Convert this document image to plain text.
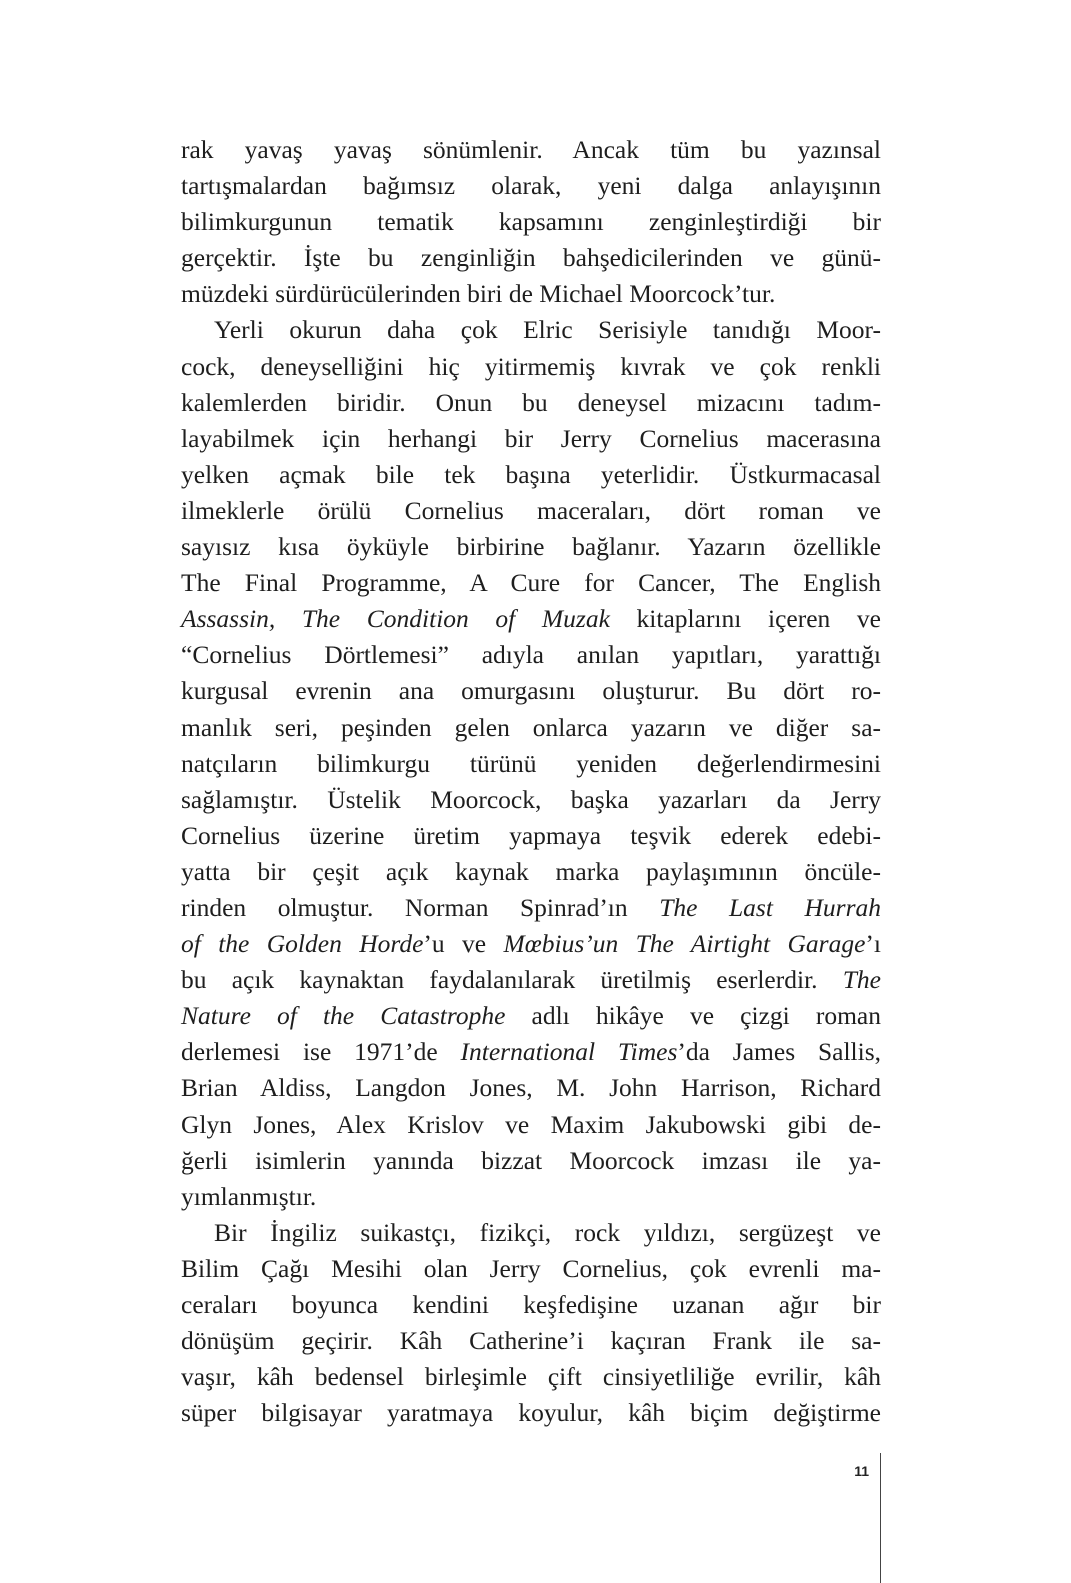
rak yavaş yavaş sönümlenir. Ancak tüm bu yazınsal
tartışmalardan bağımsız olarak, yeni dalga anlayışının
bilimkurgunun tematik kapsamını zenginleştirdiği bir
gerçektir. İşte bu zenginliğin bahşedicilerinden ve günü-
müzdeki sürdürücülerinden biri de Michael Moorcock’tur.
Yerli okurun daha çok Elric Serisiyle tanıdığı Moor-
cock, deneyselliğini hiç yitirmemiş kıvrak ve çok renkli
kalemlerden biridir. Onun bu deneysel mizacını tadım-
layabilmek için herhangi bir Jerry Cornelius macerasına
yelken açmak bile tek başına yeterlidir. Üstkurmacasal
ilmeklerle örülü Cornelius maceraları, dört roman ve
sayısız kısa öyküyle birbirine bağlanır. Yazarın özellikle
The Final Programme, A Cure for Cancer, The English
Assassin, The Condition of Muzak kitaplarını içeren ve
“Cornelius Dörtlemesi” adıyla anılan yapıtları, yarattığı
kurgusal evrenin ana omurgasını oluşturur. Bu dört ro-
manlık seri, peşinden gelen onlarca yazarın ve diğer sa-
natçıların bilimkurgu türünü yeniden değerlendirmesini
sağlamıştır. Üstelik Moorcock, başka yazarları da Jerry
Cornelius üzerine üretim yapmaya teşvik ederek edebi-
yatta bir çeşit açık kaynak marka paylaşımının öncüle-
rinden olmuştur. Norman Spinrad’ın The Last Hurrah
of the Golden Horde’u ve Mœbius’un The Airtight Garage’ı
bu açık kaynaktan faydalanılarak üretilmiş eserlerdir. The
Nature of the Catastrophe adlı hikâye ve çizgi roman
derlemesi ise 1971’de International Times’da James Sallis,
Brian Aldiss, Langdon Jones, M. John Harrison, Richard
Glyn Jones, Alex Krislov ve Maxim Jakubowski gibi de-
ğerli isimlerin yanında bizzat Moorcock imzası ile ya-
yımlanmıştır.
Bir İngiliz suikastçı, fizikçi, rock yıldızı, sergüzeşt ve
Bilim Çağı Mesihi olan Jerry Cornelius, çok evrenli ma-
ceraları boyunca kendini keşfedişine uzanan ağır bir
dönüşüm geçirir. Kâh Catherine’i kaçıran Frank ile sa-
vaşır, kâh bedensel birleşimle çift cinsiyetliliğe evrilir, kâh
süper bilgisayar yaratmaya koyulur, kâh biçim değiştirme
11
